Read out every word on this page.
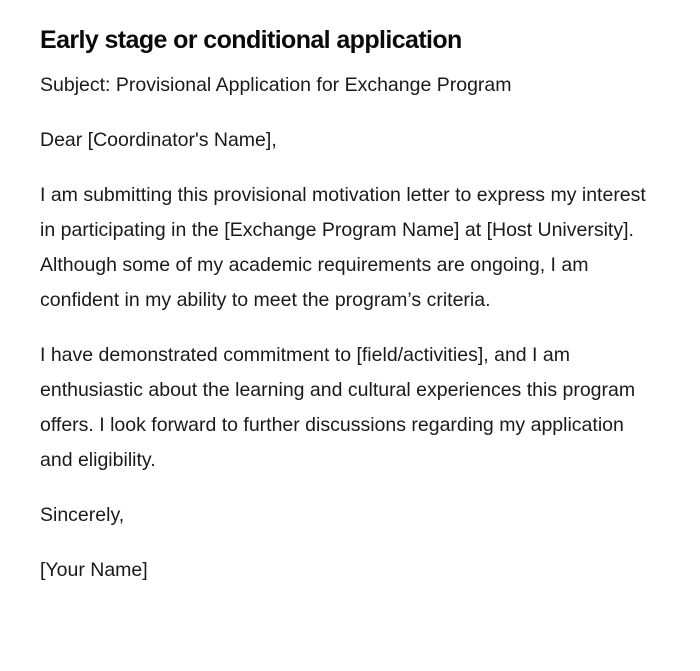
Early stage or conditional application

Subject: Provisional Application for Exchange Program

Dear [Coordinator's Name],

I am submitting this provisional motivation letter to express my interest in participating in the [Exchange Program Name] at [Host University]. Although some of my academic requirements are ongoing, I am confident in my ability to meet the program’s criteria.

I have demonstrated commitment to [field/activities], and I am enthusiastic about the learning and cultural experiences this program offers. I look forward to further discussions regarding my application and eligibility.

Sincerely,

[Your Name]
